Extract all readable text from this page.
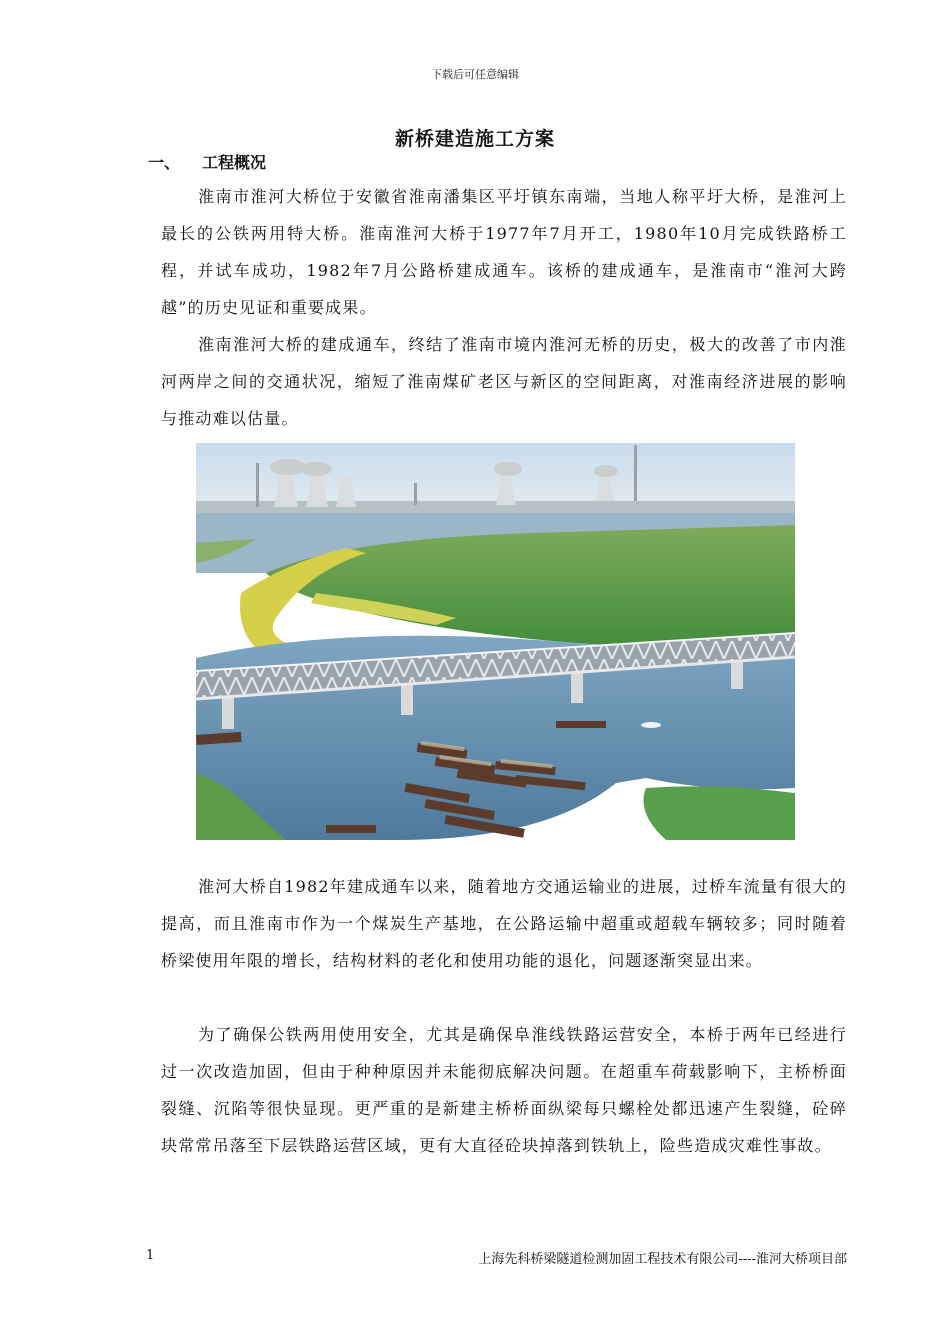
下载后可任意编辑
新桥建造施工方案
一、 工程概况

淮南市淮河大桥位于安徽省淮南潘集区平圩镇东南端，当地人称平圩大桥，是淮河上最长的公铁两用特大桥。淮南淮河大桥于1977年7月开工，1980年10月完成铁路桥工程，并试车成功，1982年7月公路桥建成通车。该桥的建成通车，是淮南市“淮河大跨越”的历史见证和重要成果。

淮南淮河大桥的建成通车，终结了淮南市境内淮河无桥的历史，极大的改善了市内淮河两岸之间的交通状况，缩短了淮南煤矿老区与新区的空间距离，对淮南经济进展的影响与推动难以估量。

淮河大桥自1982年建成通车以来，随着地方交通运输业的进展，过桥车流量有很大的提高，而且淮南市作为一个煤炭生产基地，在公路运输中超重或超载车辆较多；同时随着桥梁使用年限的增长，结构材料的老化和使用功能的退化，问题逐渐突显出来。

为了确保公铁两用使用安全，尤其是确保阜淮线铁路运营安全，本桥于两年已经进行过一次改造加固，但由于种种原因并未能彻底解决问题。在超重车荷载影响下，主桥桥面裂缝、沉陷等很快显现。更严重的是新建主桥桥面纵梁每只螺栓处都迅速产生裂缝，砼碎块常常吊落至下层铁路运营区域，更有大直径砼块掉落到铁轨上，险些造成灾难性事故。

1	上海先科桥梁隧道检测加固工程技术有限公司----淮河大桥项目部
